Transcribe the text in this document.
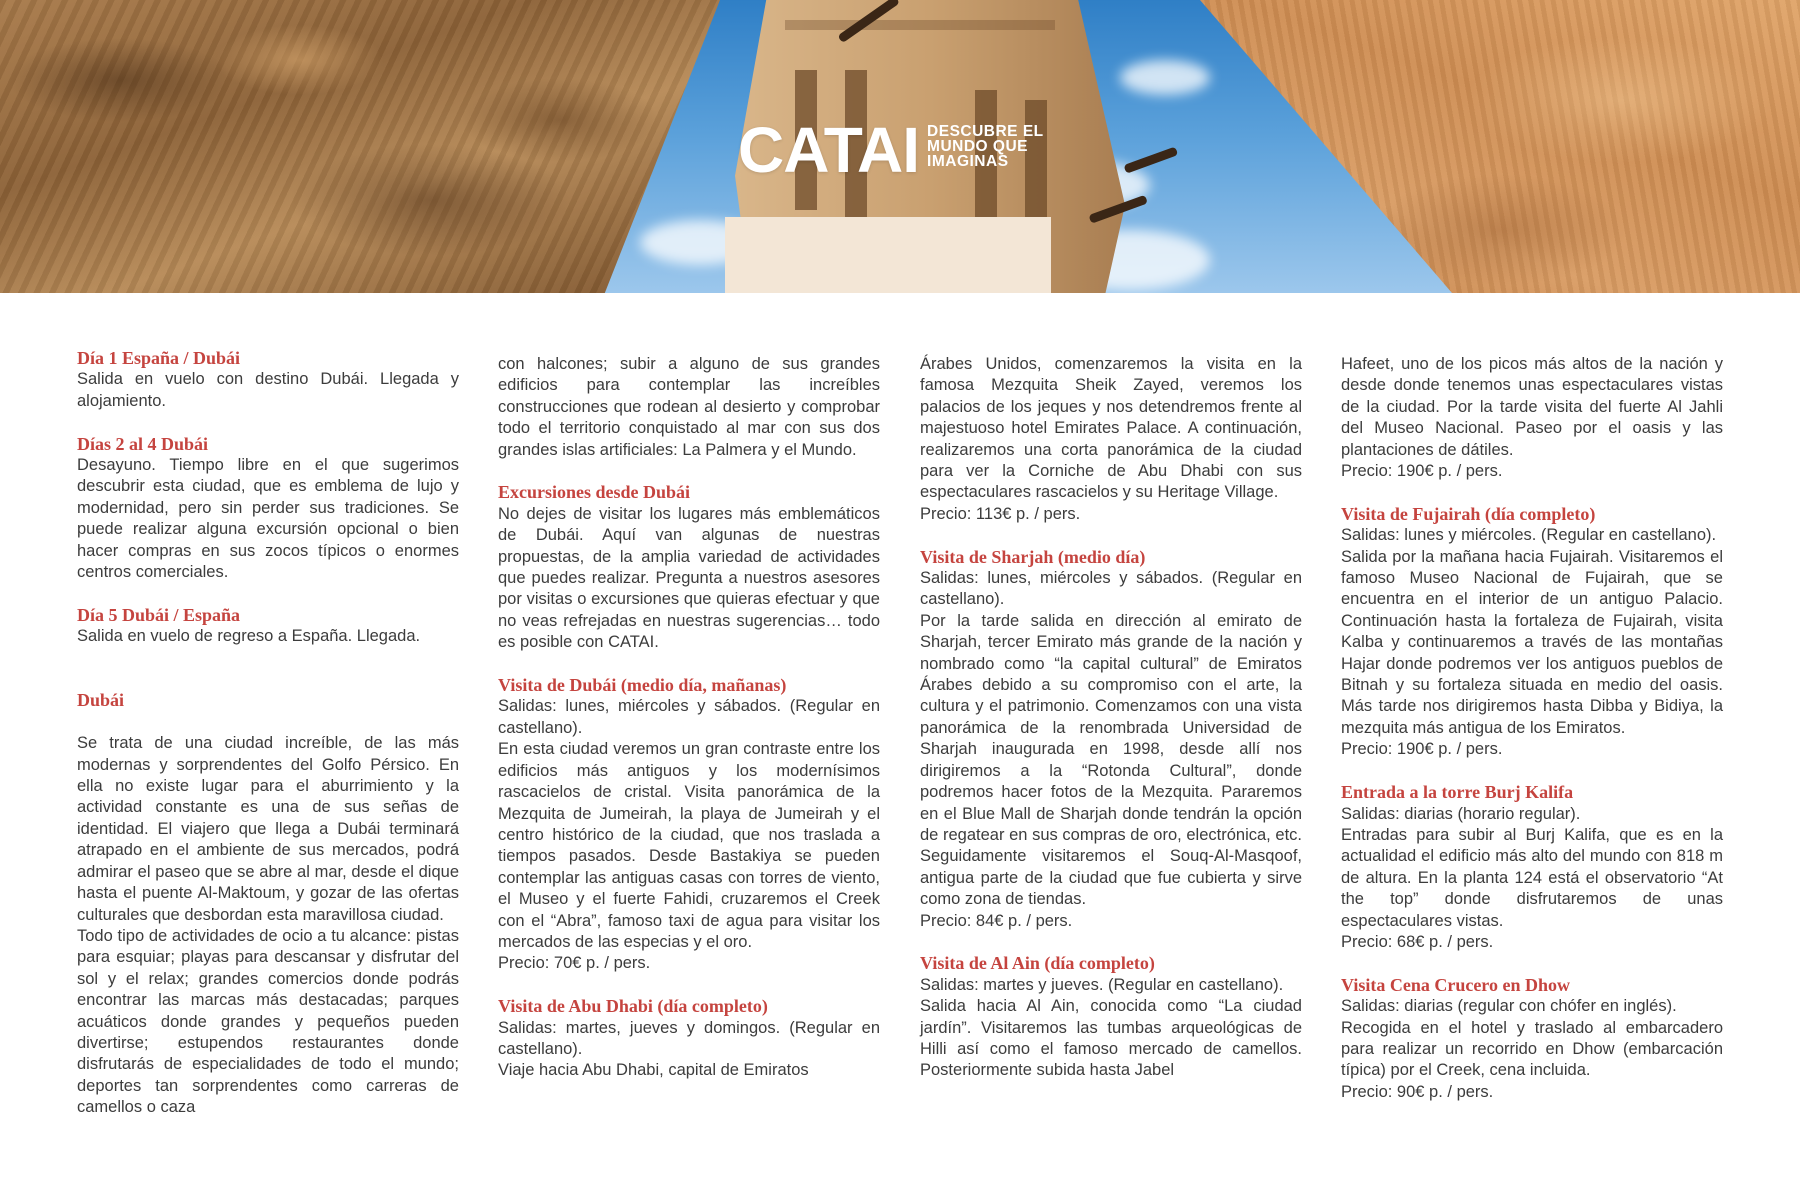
CATAI DESCUBRE EL
MUNDO QUE
IMAGINAS
Día 1 España / Dubái

Salida en vuelo con destino Dubái. Llegada y alojamiento.

Días 2 al 4 Dubái

Desayuno. Tiempo libre en el que sugerimos descubrir esta ciudad, que es emblema de lujo y modernidad, pero sin perder sus tradiciones. Se puede realizar alguna excursión opcional o bien hacer compras en sus zocos típicos o enormes centros comerciales.

Día 5 Dubái / España

Salida en vuelo de regreso a España. Llegada.

Dubái

Se trata de una ciudad increíble, de las más modernas y sorprendentes del Golfo Pérsico. En ella no existe lugar para el aburrimiento y la actividad constante es una de sus señas de identidad. El viajero que llega a Dubái terminará atrapado en el ambiente de sus mercados, podrá admirar el paseo que se abre al mar, desde el dique hasta el puente Al-Maktoum, y gozar de las ofertas culturales que desbordan esta maravillosa ciudad.

Todo tipo de actividades de ocio a tu alcance: pistas para esquiar; playas para descansar y disfrutar del sol y el relax; grandes comercios donde podrás encontrar las marcas más destacadas; parques acuáticos donde grandes y pequeños pueden divertirse; estupendos restaurantes donde disfrutarás de especialidades de todo el mundo; deportes tan sorprendentes como carreras de camellos o caza

con halcones; subir a alguno de sus grandes edificios para contemplar las increíbles construcciones que rodean al desierto y comprobar todo el territorio conquistado al mar con sus dos grandes islas artificiales: La Palmera y el Mundo.

Excursiones desde Dubái

No dejes de visitar los lugares más emblemáticos de Dubái. Aquí van algunas de nuestras propuestas, de la amplia variedad de actividades que puedes realizar. Pregunta a nuestros asesores por visitas o excursiones que quieras efectuar y que no veas refrejadas en nuestras sugerencias… todo es posible con CATAI.

Visita de Dubái (medio día, mañanas)

Salidas: lunes, miércoles y sábados. (Regular en castellano).

En esta ciudad veremos un gran contraste entre los edificios más antiguos y los modernísimos rascacielos de cristal. Visita panorámica de la Mezquita de Jumeirah, la playa de Jumeirah y el centro histórico de la ciudad, que nos traslada a tiempos pasados. Desde Bastakiya se pueden contemplar las antiguas casas con torres de viento, el Museo y el fuerte Fahidi, cruzaremos el Creek con el “Abra”, famoso taxi de agua para visitar los mercados de las especias y el oro.

Precio: 70€ p. / pers.

Visita de Abu Dhabi (día completo)

Salidas: martes, jueves y domingos. (Regular en castellano).

Viaje hacia Abu Dhabi, capital de Emiratos

Árabes Unidos, comenzaremos la visita en la famosa Mezquita Sheik Zayed, veremos los palacios de los jeques y nos detendremos frente al majestuoso hotel Emirates Palace. A continuación, realizaremos una corta panorámica de la ciudad para ver la Corniche de Abu Dhabi con sus espectaculares rascacielos y su Heritage Village.

Precio: 113€ p. / pers.

Visita de Sharjah (medio día)

Salidas: lunes, miércoles y sábados. (Regular en castellano).

Por la tarde salida en dirección al emirato de Sharjah, tercer Emirato más grande de la nación y nombrado como “la capital cultural” de Emiratos Árabes debido a su compromiso con el arte, la cultura y el patrimonio. Comenzamos con una vista panorámica de la renombrada Universidad de Sharjah inaugurada en 1998, desde allí nos dirigiremos a la “Rotonda Cultural”, donde podremos hacer fotos de la Mezquita. Pararemos en el Blue Mall de Sharjah donde tendrán la opción de regatear en sus compras de oro, electrónica, etc. Seguidamente visitaremos el Souq-Al-Masqoof, antigua parte de la ciudad que fue cubierta y sirve como zona de tiendas.

Precio: 84€ p. / pers.

Visita de Al Ain (día completo)

Salidas: martes y jueves. (Regular en castellano).

Salida hacia Al Ain, conocida como “La ciudad jardín”. Visitaremos las tumbas arqueológicas de Hilli así como el famoso mercado de camellos. Posteriormente subida hasta Jabel

Hafeet, uno de los picos más altos de la nación y desde donde tenemos unas espectaculares vistas de la ciudad. Por la tarde visita del fuerte Al Jahli del Museo Nacional. Paseo por el oasis y las plantaciones de dátiles.

Precio: 190€ p. / pers.

Visita de Fujairah (día completo)

Salidas: lunes y miércoles. (Regular en castellano).

Salida por la mañana hacia Fujairah. Visitaremos el famoso Museo Nacional de Fujairah, que se encuentra en el interior de un antiguo Palacio. Continuación hasta la fortaleza de Fujairah, visita Kalba y continuaremos a través de las montañas Hajar donde podremos ver los antiguos pueblos de Bitnah y su fortaleza situada en medio del oasis. Más tarde nos dirigiremos hasta Dibba y Bidiya, la mezquita más antigua de los Emiratos.

Precio: 190€ p. / pers.

Entrada a la torre Burj Kalifa

Salidas: diarias (horario regular).

Entradas para subir al Burj Kalifa, que es en la actualidad el edificio más alto del mundo con 818 m de altura. En la planta 124 está el observatorio “At the top” donde disfrutaremos de unas espectaculares vistas.

Precio: 68€ p. / pers.

Visita Cena Crucero en Dhow

Salidas: diarias (regular con chófer en inglés).

Recogida en el hotel y traslado al embarcadero para realizar un recorrido en Dhow (embarcación típica) por el Creek, cena incluida.

Precio: 90€ p. / pers.
